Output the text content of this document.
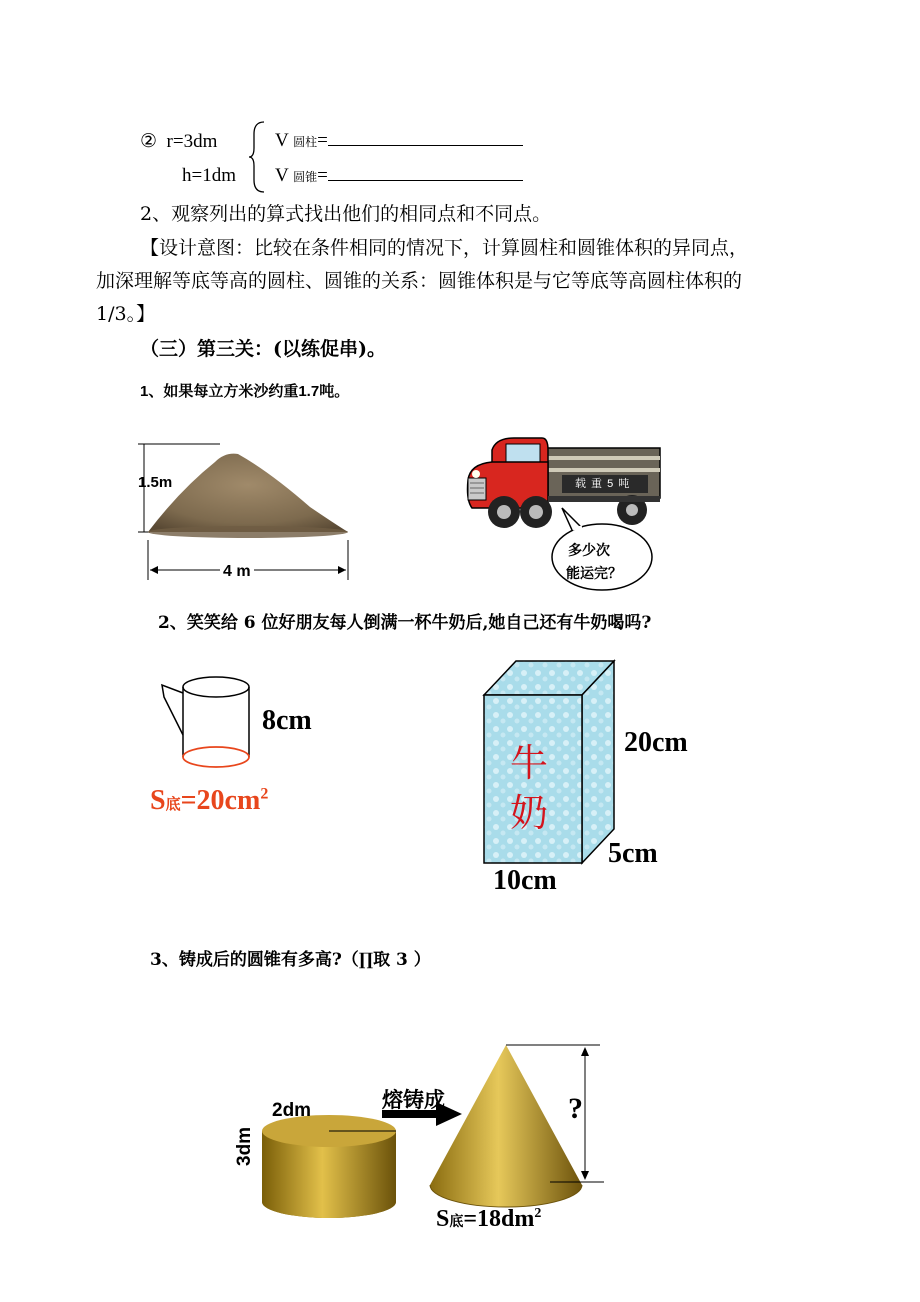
② r=3dm
h=1dm
V 圆柱=
V 圆锥=
2、观察列出的算式找出他们的相同点和不同点。
【设计意图：比较在条件相同的情况下，计算圆柱和圆锥体积的异同点，
加深理解等底等高的圆柱、圆锥的关系：圆锥体积是与它等底等高圆柱体积的
1/3。】
（三）第三关：(以练促串)。
1、如果每立方米沙约重1.7吨。
1.5m
4 m
载 重 5 吨
多少次
能运完？
2、笑笑给 6 位好朋友每人倒满一杯牛奶后,她自己还有牛奶喝吗?
8cm
S底$=20cm^2$
牛
奶
20cm
5cm
10cm
3、铸成后的圆锥有多高?（∏取 3 ）
2dm
3dm
熔铸成	?
S底$=18dm^2$
